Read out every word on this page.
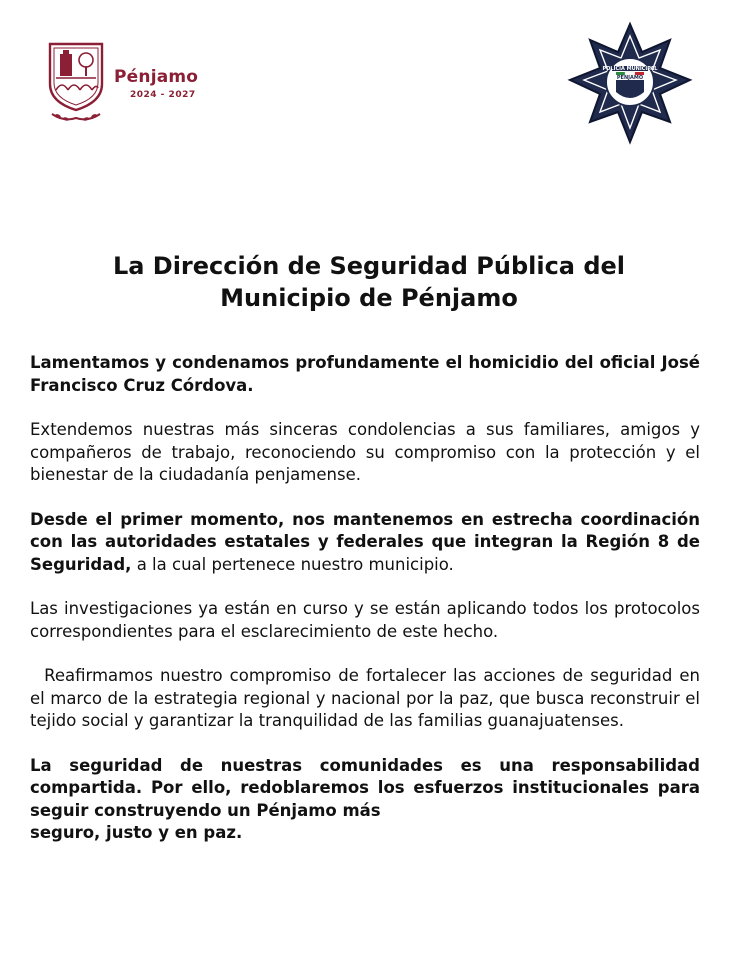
Pénjamo
2024 - 2027
POLICÍA MUNICIPAL
PÉNJAMO
La Dirección de Seguridad Pública del
Municipio de Pénjamo

Lamentamos y condenamos profundamente el homicidio del oficial José Francisco Cruz Córdova.

Extendemos nuestras más sinceras condolencias a sus familiares, amigos y compañeros de trabajo, reconociendo su compromiso con la protección y el bienestar de la ciudadanía penjamense.

Desde el primer momento, nos mantenemos en estrecha coordinación con las autoridades estatales y federales que integran la Región 8 de Seguridad, a la cual pertenece nuestro municipio.

Las investigaciones ya están en curso y se están aplicando todos los protocolos correspondientes para el esclarecimiento de este hecho.

Reafirmamos nuestro compromiso de fortalecer las acciones de seguridad en el marco de la estrategia regional y nacional por la paz, que busca reconstruir el tejido social y garantizar la tranquilidad de las familias guanajuatenses.

La seguridad de nuestras comunidades es una responsabilidad compartida. Por ello, redoblaremos los esfuerzos institucionales para seguir construyendo un Pénjamo más
seguro, justo y en paz.
